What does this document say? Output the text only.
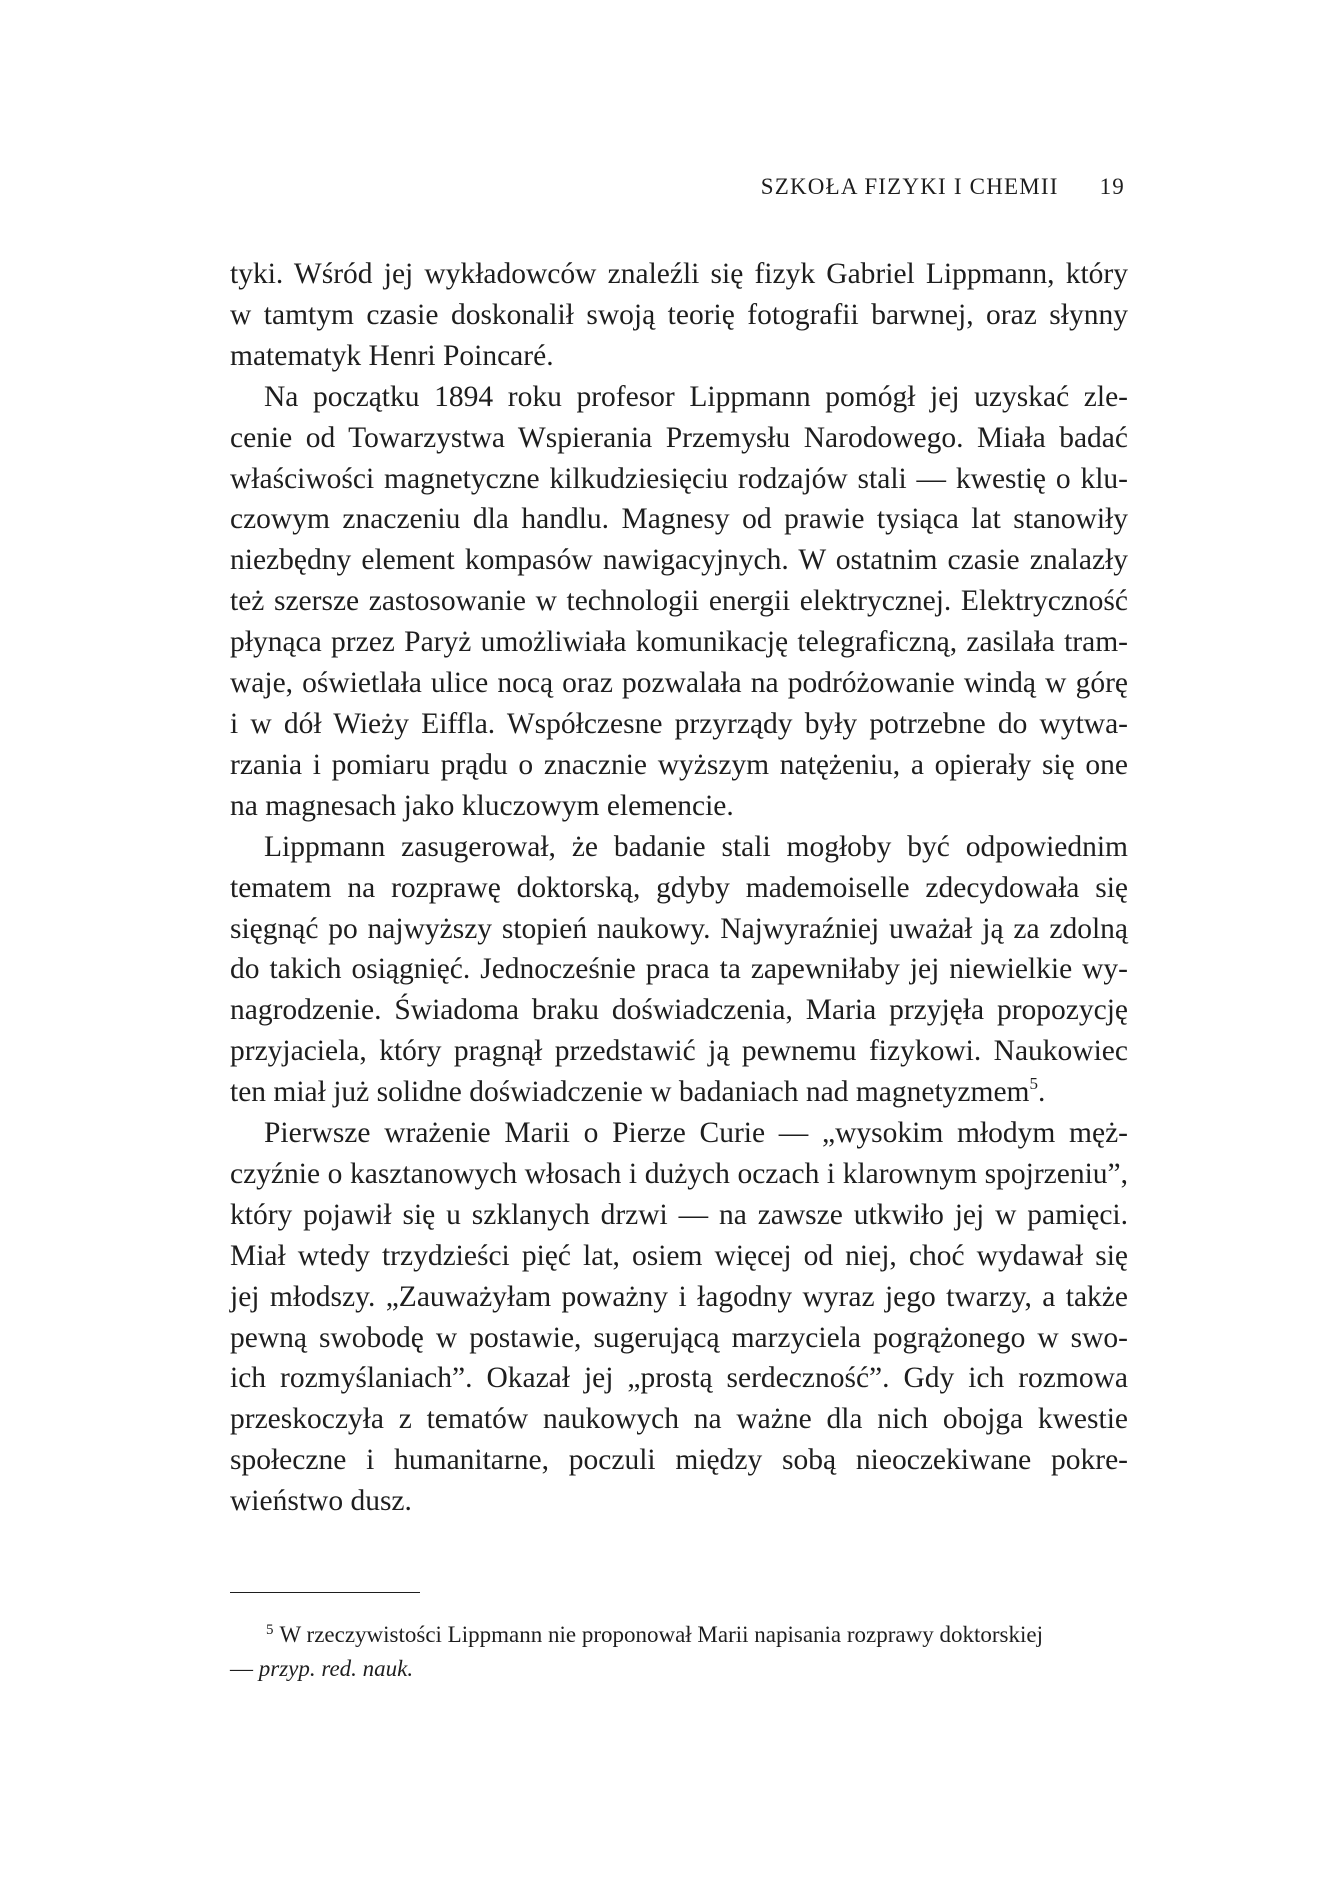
SZKOŁA FIZYKI I CHEMII 19
tyki. Wśród jej wykładowców znaleźli się fizyk Gabriel Lippmann, który
w tamtym czasie doskonalił swoją teorię fotografii barwnej, oraz słynny
matematyk Henri Poincaré.
Na początku 1894 roku profesor Lippmann pomógł jej uzyskać zle-
cenie od Towarzystwa Wspierania Przemysłu Narodowego. Miała badać
właściwości magnetyczne kilkudziesięciu rodzajów stali — kwestię o klu-
czowym znaczeniu dla handlu. Magnesy od prawie tysiąca lat stanowiły
niezbędny element kompasów nawigacyjnych. W ostatnim czasie znalazły
też szersze zastosowanie w technologii energii elektrycznej. Elektryczność
płynąca przez Paryż umożliwiała komunikację telegraficzną, zasilała tram-
waje, oświetlała ulice nocą oraz pozwalała na podróżowanie windą w górę
i w dół Wieży Eiffla. Współczesne przyrządy były potrzebne do wytwa-
rzania i pomiaru prądu o znacznie wyższym natężeniu, a opierały się one
na magnesach jako kluczowym elemencie.
Lippmann zasugerował, że badanie stali mogłoby być odpowiednim
tematem na rozprawę doktorską, gdyby mademoiselle zdecydowała się
sięgnąć po najwyższy stopień naukowy. Najwyraźniej uważał ją za zdolną
do takich osiągnięć. Jednocześnie praca ta zapewniłaby jej niewielkie wy-
nagrodzenie. Świadoma braku doświadczenia, Maria przyjęła propozycję
przyjaciela, który pragnął przedstawić ją pewnemu fizykowi. Naukowiec
ten miał już solidne doświadczenie w badaniach nad magnetyzmem$^5$.
Pierwsze wrażenie Marii o Pierze Curie — „wysokim młodym męż-
czyźnie o kasztanowych włosach i dużych oczach i klarownym spojrzeniu”,
który pojawił się u szklanych drzwi — na zawsze utkwiło jej w pamięci.
Miał wtedy trzydzieści pięć lat, osiem więcej od niej, choć wydawał się
jej młodszy. „Zauważyłam poważny i łagodny wyraz jego twarzy, a także
pewną swobodę w postawie, sugerującą marzyciela pogrążonego w swo-
ich rozmyślaniach”. Okazał jej „prostą serdeczność”. Gdy ich rozmowa
przeskoczyła z tematów naukowych na ważne dla nich obojga kwestie
społeczne i humanitarne, poczuli między sobą nieoczekiwane pokre-
wieństwo dusz.
$^5$ W rzeczywistości Lippmann nie proponował Marii napisania rozprawy doktorskiej
— przyp. red. nauk.
